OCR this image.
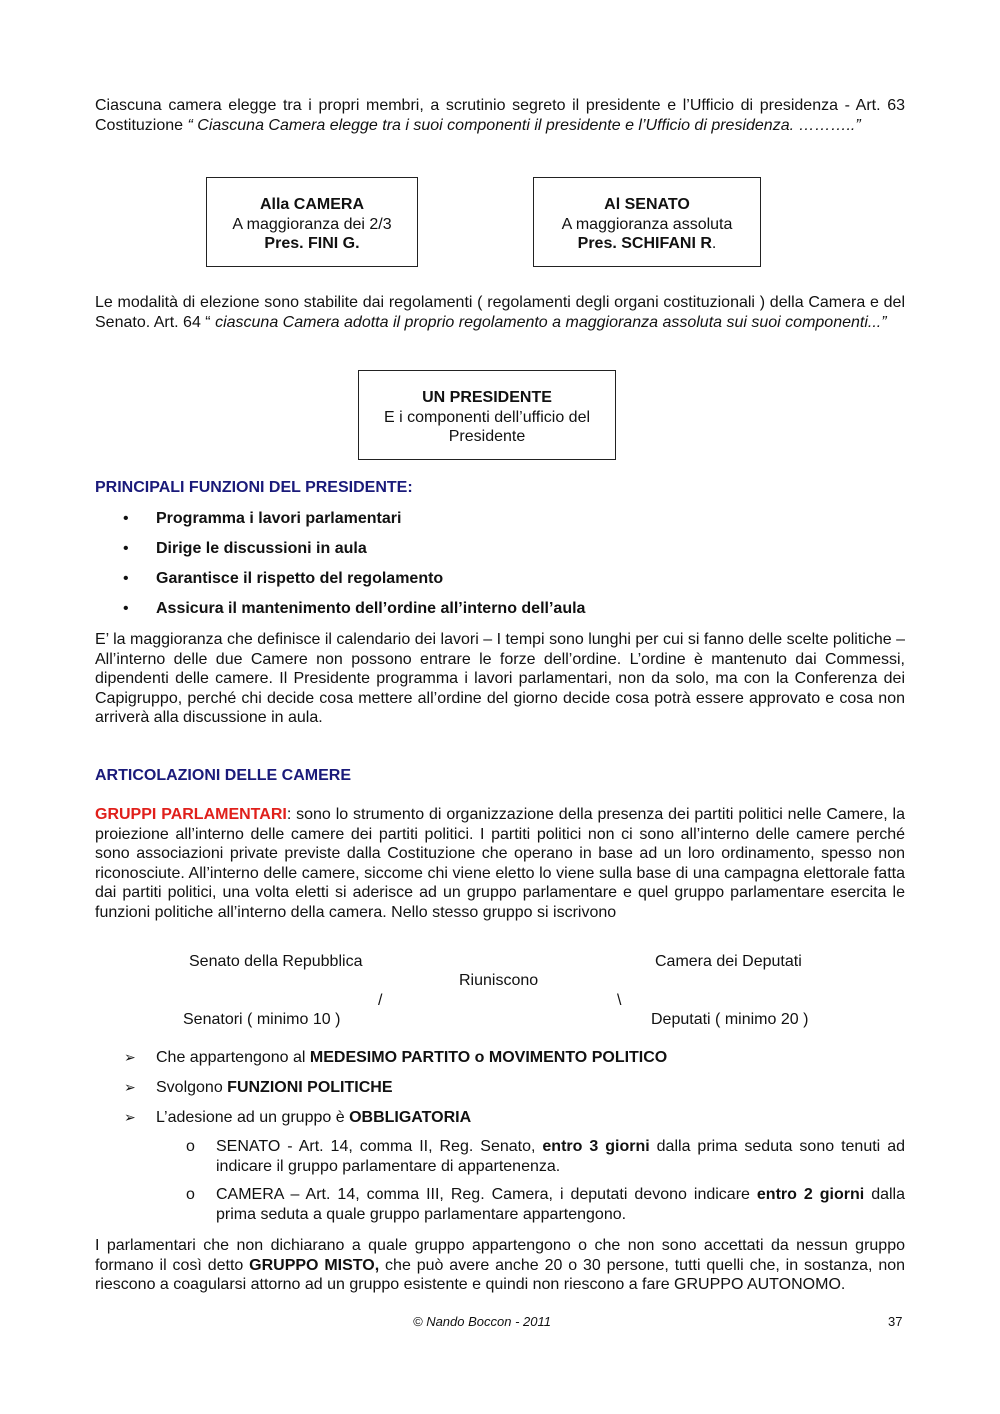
Ciascuna camera elegge tra i propri membri, a scrutinio segreto il presidente e l’Ufficio di presidenza - Art. 63 Costituzione “ Ciascuna Camera elegge tra i suoi componenti il presidente e l’Ufficio di presidenza. ………..”

Alla CAMERA
A maggioranza dei 2/3
Pres. FINI G.
Al SENATO
A maggioranza assoluta
Pres. SCHIFANI R.

Le modalità di elezione sono stabilite dai regolamenti ( regolamenti degli organi costituzionali ) della Camera e del Senato. Art. 64 “ ciascuna Camera adotta il proprio regolamento a maggioranza assoluta sui suoi componenti...”

UN PRESIDENTE
E i componenti dell’ufficio del
Presidente
PRINCIPALI FUNZIONI DEL PRESIDENTE:
• Programma i lavori parlamentari
• Dirige le discussioni in aula
• Garantisce il rispetto del regolamento
• Assicura il mantenimento dell’ordine all’interno dell’aula

E’ la maggioranza che definisce il calendario dei lavori – I tempi sono lunghi per cui si fanno delle scelte politiche – All’interno delle due Camere non possono entrare le forze dell’ordine. L’ordine è mantenuto dai Commessi, dipendenti delle camere. Il Presidente programma i lavori parlamentari, non da solo, ma con la Conferenza dei Capigruppo, perché chi decide cosa mettere all’ordine del giorno decide cosa potrà essere approvato e cosa non arriverà alla discussione in aula.

ARTICOLAZIONI DELLE CAMERE

GRUPPI PARLAMENTARI: sono lo strumento di organizzazione della presenza dei partiti politici nelle Camere, la proiezione all’interno delle camere dei partiti politici. I partiti politici non ci sono all’interno delle camere perché sono associazioni private previste dalla Costituzione che operano in base ad un loro ordinamento, spesso non riconosciute. All’interno delle camere, siccome chi viene eletto lo viene sulla base di una campagna elettorale fatta dai partiti politici, una volta eletti si aderisce ad un gruppo parlamentare e quel gruppo parlamentare esercita le funzioni politiche all’interno della camera. Nello stesso gruppo si iscrivono

Senato della Repubblica	Camera dei Deputati
Riuniscono
/	\
Senatori ( minimo 10 )	Deputati ( minimo 20 )
➢ Che appartengono al MEDESIMO PARTITO o MOVIMENTO POLITICO
➢ Svolgono FUNZIONI POLITICHE
➢ L’adesione ad un gruppo è OBBLIGATORIA
o SENATO - Art. 14, comma II, Reg. Senato, entro 3 giorni dalla prima seduta sono tenuti ad indicare il gruppo parlamentare di appartenenza.
o CAMERA – Art. 14, comma III, Reg. Camera, i deputati devono indicare entro 2 giorni dalla prima seduta a quale gruppo parlamentare appartengono.

I parlamentari che non dichiarano a quale gruppo appartengono o che non sono accettati da nessun gruppo formano il così detto GRUPPO MISTO, che può avere anche 20 o 30 persone, tutti quelli che, in sostanza, non riescono a coagularsi attorno ad un gruppo esistente e quindi non riescono a fare GRUPPO AUTONOMO.

© Nando Boccon - 2011	37
